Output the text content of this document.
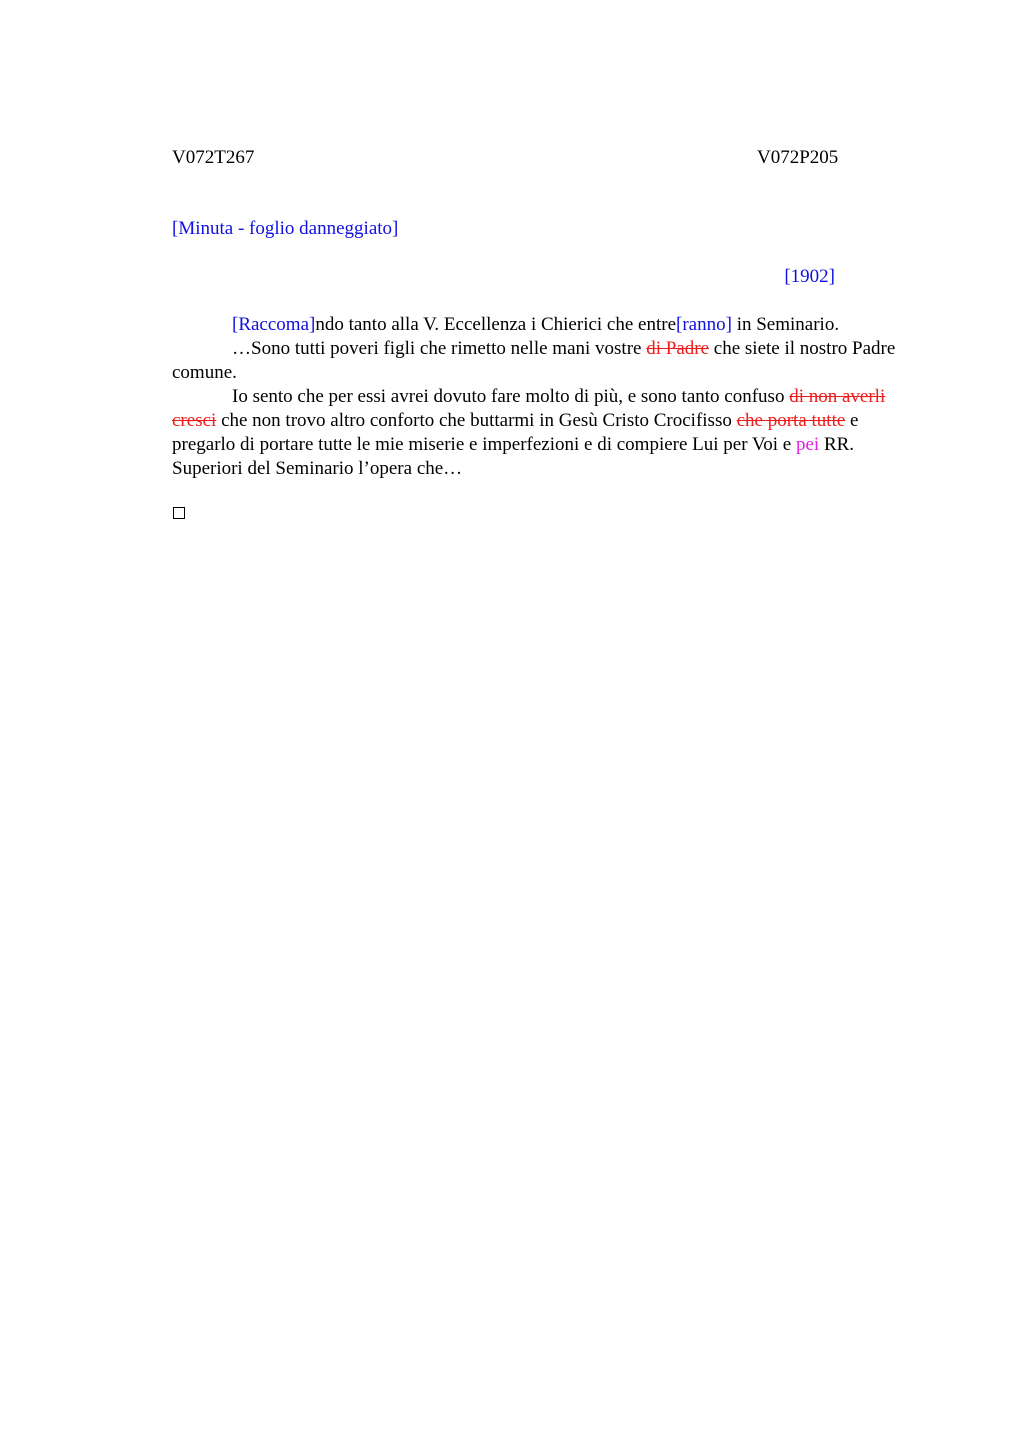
V072T267	V072P205
[Minuta - foglio danneggiato]
[1902]

[Raccoma]ndo tanto alla V. Eccellenza i Chierici che entre[ranno] in Seminario.

…Sono tutti poveri figli che rimetto nelle mani vostre di Padre che siete il nostro Padre comune.

Io sento che per essi avrei dovuto fare molto di più, e sono tanto confuso di non averli cresci che non trovo altro conforto che buttarmi in Gesù Cristo Crocifisso che porta tutte e pregarlo di portare tutte le mie miserie e imperfezioni e di compiere Lui per Voi e pei RR. Superiori del Seminario l’opera che…
